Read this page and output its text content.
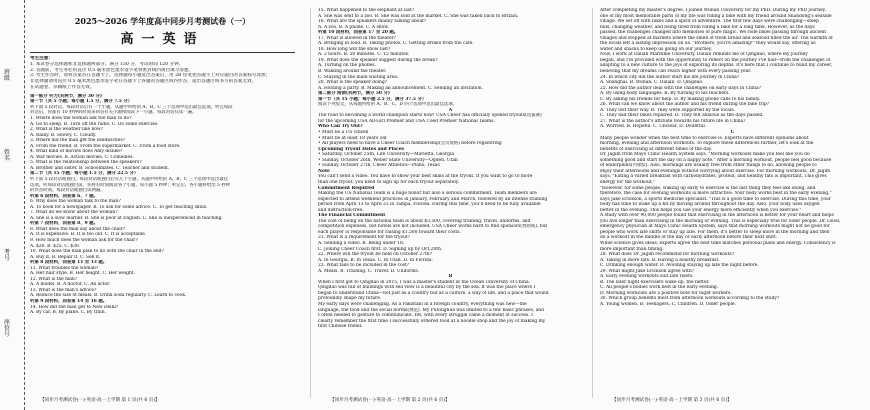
班级
姓名
考号
座位号
2025～2026 学年度高中同步月考测试卷（一）
高一英语
考生注意：
1. 本试卷分选择题和非选择题两部分。满分 150 分，考试时间 120 分钟。
2. 答题前，考生务必用直径 0.5 毫米黑色墨水签字笔将密封线内项目填写清楚。
3. 考生作答时，请将答案答在答题卡上。选择题每小题选出答案后，用 2B 铅笔把答题卡上对应题目的答案标号涂黑；
非选择题请用直径 0.5 毫米黑色墨水签字笔在答题卡上各题的答题区域内作答，超出答题区域书写的答案无效，
在试题卷、草稿纸上作答无效。
第一部分 听力(共两节，满分 30 分)
第一节（共 5 小题；每小题 1.5 分，满分 7.5 分）
听下面 5 段对话。每段对话后有一个小题，从题中所给的 A、B、C 三个选项中选出最佳选项。听完每段
对话后，你都有 10 秒钟的时间来回答有关小题和阅读下一小题。每段对话仅读一遍。
1. Where does the woman ask the man to do?
A. Go to sleep. B. Turn off the radio. C. Do some exercise.
2. What is the weather like now?
A. Rainy. B. Snowy. C. Cloudy.
3. Where did the man get the sandwiches?
A. From the friend. B. From the supermarket. C. From a food store.
4. What kind of movies does Amy dislike?
A. War movies. B. Action movies. C. Comedies.
5. What is the relationship between the speakers?
A. Brother and sister. B. Schoolmates. C. Teacher and student.
第二节（共 15 小题；每小题 1.5 分，满分 22.5 分）
听下面 5 段对话或独白。每段对话或独白后有几个小题，从题中所给的 A、B、C 三个选项中选出最佳
选项。听每段对话或独白前，你将有时间阅读各个小题，每小题 5 秒钟；听完后，各小题将给出 5 秒钟
的作答时间。每段对话或独白读两遍。
听第 6 段材料，回答第 6、7 题。
6. Why does the woman talk to the man?
A. To book for a newspaper. B. To ask for some advice. C. To get teaching skills.
7. What do we know about the woman?
A. She is a slow learner. B. She is poor at English. C. She is inexperienced in teaching.
听第 7 段材料，回答第 8、9 题。
8. What does the man say about the chair?
A. It is expensive. B. It is too old. C. It is acceptable.
9. How much does the woman ask for the chair?
A. $20. B. $25. C. $30.
10. What does the man plan to do with the chair in the end?
A. Buy it. B. Repair it. C. Sell it.
听第 8 段材料，回答第 11 至 13 题。
11. What troubles the woman?
A. Her hair style. B. Her height. C. Her weight.
12. What is the man?
A. A model. B. A doctor. C. An actor.
13. What is the man's advice?
A. Reduce the size of meals. B. Drink soda regularly. C. Learn to cook.
听第 9 段材料，回答第 14 至 16 题。
14. How did the man get to New Delhi?
A. By car. B. By plane. C. By train.
15. What happened to the elephant at last?
A. She was sent to a zoo. B. She was sold at the market. C. She was taken back to Britain.
16. What are the speakers mainly talking about?
A. A zoo. B. A phone. C. A show.
听第 10 段材料，回答第 17 至 20 题。
17. What is allowed in the theater?
A. Bringing in food. B. Taking photos. C. Getting drinks from the cafe.
18. How long will the show last?
A. 2 hours. B. 20 minutes. C. 15 minutes.
19. What does the speaker suggest during the break?
A. Turning on the phones.
B. Walking around the theater.
C. Staying in the main waiting area.
20. What is the speaker doing?
A. Holding a party. B. Making an announcement. C. Sending an invitation.
第二部分 阅读(共两节，满分 50 分)
第一节（共 15 小题；每小题 2.5 分，满分 37.5 分）
阅读下列短文，从每题所给的 A、B、C、D 四个选项中选出最佳选项。
A
The road to becoming a world champion starts now! USA Cheer has officially opened tryouts(选拔赛)
for the upcoming USA All-Girl Premier and USA Coed Premier National Teams.
Who Can Try Out?
• Must be a US citizen
• Must be at least 18 years old
• All players need to have a Cheer Coach membership(会员资格) before registering
Upcoming Tryout Dates and Places
• Saturday, October 25th, Life University—Marietta, Georgia
• Sunday, October 26th, Weber State University—Ogden, Utah
• Sunday, October 27th, Cheer Athletics—Plano, Texas
Note
You can't send a video. You have to show your best skills at the tryout. If you want to go to more
than one tryout, you need to sign up for each tryout separately.
Commitment Required
Making the US National Team is a huge honor but also a serious commitment. Team members are
expected to attend weekend practices in January, February and March, followed by an intense training
period from April 13 to April 22 in Tampa, Florida. During this time, you'll need to be fully available
and distraction-free.
The Financial Commitment
The cost of being on the national team is about $3,500, covering training, travel, uniforms, and
competition expenses, but hotels are not included. USA Cheer works hard to find sponsors(赞助商), but
each player is responsible for raising $1,500 toward their costs.
21. What is a requirement for the tryout?
A. Sending a video. B. Being under 18.
C. Joining Cheer Coach first. D. Signing up by Oct.20th.
22. Where will the tryout be held on October 27th?
A. In Georgia. B. In Texas. C. In Utah. D. In Florida.
23. What fails to be included in the cost?
A. Meals. B. Training. C. Travel. D. Uniforms.
B
When I first got to Qingdao in 2015, I was a master's student at the Ocean University of China.
Qingdao was full of buildings with sea view is a beautiful city by the sea. It was the place where I
began to understand China—not just as a country but as a culture, a way of life, and a place that would
profoundly shape my future.
My early days were challenging. As a Pakistani in a foreign country, everything was new—the
language, the food and the social norms(规范). My Putonghua was limited to a few basic phrases, and
I often needed to gesture to communicate. Yet, with every struggle came a moment of success. I
clearly remember the first time I successfully ordered food at a noodle shop and the joy of making my
first Chinese friend.
After completing my master's degree, I joined Wuhan University for my PhD. During my PhD journey,
one of my most memorable parts of my life was riding a bike with my friend around Shandong's seaside
village. We set off with bikes and a spirit of adventure. The first few days were challenging—steep
hills, changing weather, and being tired from riding a bike for a long time. However, as the days
passed, the challenges changed into memories of pure magic. We rode bikes passing through ancient
villages and stopped at markets where the smell of fresh bread and seafood filled the air. The warmth of
the locals left a lasting impression on us. "Brothers, you're amazing!" they would say, offering us
water and snacks to keep us going on our journey.
Now, I work at Dalian Maritime University, Dalian reminds me of Qingdao, where my journey
began, and I'm provided with the opportunity to reflect on the journey I've had—from the challenges of
adapting to a new culture to the joys of exploring its depths. It's here that I continue to build my career,
believing that my dreams can reach higher with every passing year.
24. In which city did the author start his life journey in China?
A. Shanghai. B. Wuhan. C. Dalian. D. Qingdao.
25. How did the author deal with the challenges on early days in China?
A. By using body languages. B. By turning to his teachers.
C. By asking his friends for help. D. By making phone calls to his family.
26. What can we know about the author and his friend during the bike trip?
A. They lost their way. B. They were supported by the locals.
C. They had their bikes repaired. D. They felt anxious as the days passed.
27. What is the author's attitude towards his future life in China?
A. Worried. B. Hopeful. C. Unclear. D. Doubtful.
C
Many people wonder when the best time to exercise is. Experts have different opinions about
morning, evening and afternoon workouts. To explore these differences further, let's look at the
benefits of exercising at different times of the day.
Dr. Jagim from Mayo Clinic Health System says, "Morning workouts make you feel like you do
something good and start the day on a happy note." After a morning workout, people feel good because
of endorphins(内啡肽). Also, mornings are usually free from other things to do, allowing people to
enjoy their afternoons and evenings without worrying about exercise. For morning workouts, Dr. Jagim
says, "Eating a varied breakfast with carbohydrates, protein, and healthy fats is important. This gives
energy for the workout."
"However, for some people, waking up early to exercise is the last thing they feel like doing, and
therefore, the case for evening workouts is more attractive. Your body works best in the early evening,"
says Jake Erickson, a sports medicine specialist. "This is a good time to exercise. During this time, your
body has time to wake up a bit by moving around throughout the day. Also, your body uses oxygen
better in the evening. This helps you use your energy more efficiently when you exercise."
A study with over 90,000 people found that exercising in the afternoon is better for your heart and helps
you live longer than exercising in the morning or evening. This is especially true for older people. Dr. Good,
emergency physician at Mayo Clinic Health System, says that morning workouts might not be good for
people who work late shifts or stay up late. For them, it's better to sleep more in the morning and then
do a workout in the middle of the day or early afternoon before their next shift.
While science gives ideas, experts agree the best time matches personal plans and energy. Consistency is
more important than timing.
28. What does Dr. Jagim recommend for morning workouts?
A. Taking in more fats. B. Having a healthy breakfast.
C. Drinking enough water. D. Avoiding staying up late the night before.
29. What might Jake Erickson agree with?
A. Early evening workouts suit late risers.
B. The later night exercisers wake up, the better.
C. All people's bodies work best in the early evening.
D. Morning workouts are a positive note for night workers.
30. Which group benefits most from afternoon workouts according to the study?
A. Young women. B. Teenagers. C. Children. D. Older people.
【同步月考测试卷(一)·英语·高一上学期 第 1 页(共 6 页)】	【同步月考测试卷(一)·英语·高一上学期 第 2 页(共 6 页)】	【同步月考测试卷(一)·英语·高一上学期 第 3 页(共 6 页)】
